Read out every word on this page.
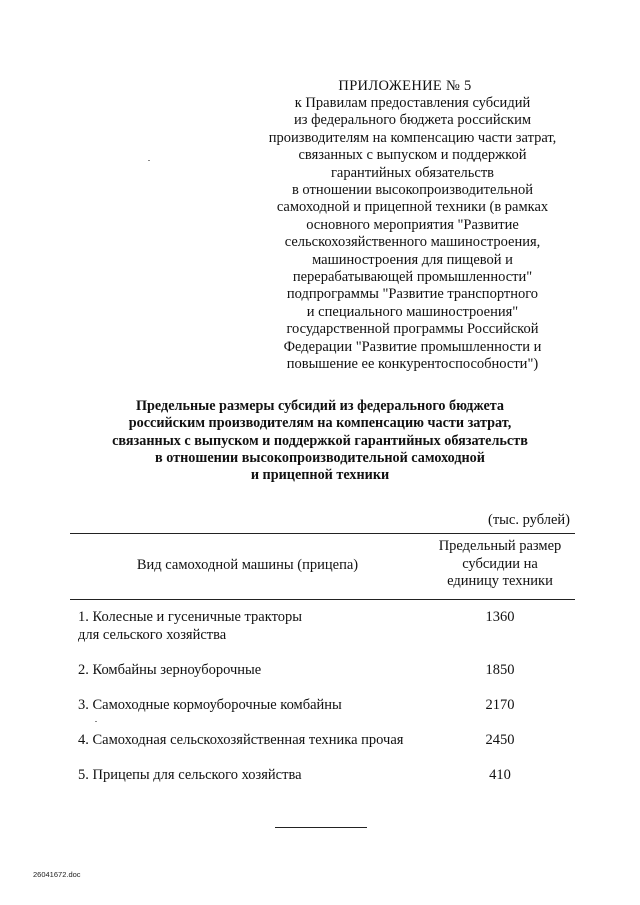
ПРИЛОЖЕНИЕ № 5
к Правилам предоставления субсидий
из федерального бюджета российским
производителям на компенсацию части затрат,
связанных с выпуском и поддержкой
гарантийных обязательств
в отношении высокопроизводительной
самоходной и прицепной техники (в рамках
основного мероприятия "Развитие
сельскохозяйственного машиностроения,
машиностроения для пищевой и
перерабатывающей промышленности"
подпрограммы "Развитие транспортного
и специального машиностроения"
государственной программы Российской
Федерации "Развитие промышленности и
повышение ее конкурентоспособности")
Предельные размеры субсидий из федерального бюджета
российским производителям на компенсацию части затрат,
связанных с выпуском и поддержкой гарантийных обязательств
в отношении высокопроизводительной самоходной
и прицепной техники
(тыс. рублей)
Вид самоходной машины (прицепа)
Предельный размер
субсидии на
единицу техники
1. Колесные и гусеничные тракторы
для сельского хозяйства
1360
2. Комбайны зерноуборочные	1850
3. Самоходные кормоуборочные комбайны	2170
4. Самоходная сельскохозяйственная техника прочая	2450
5. Прицепы для сельского хозяйства	410
26041672.doc
